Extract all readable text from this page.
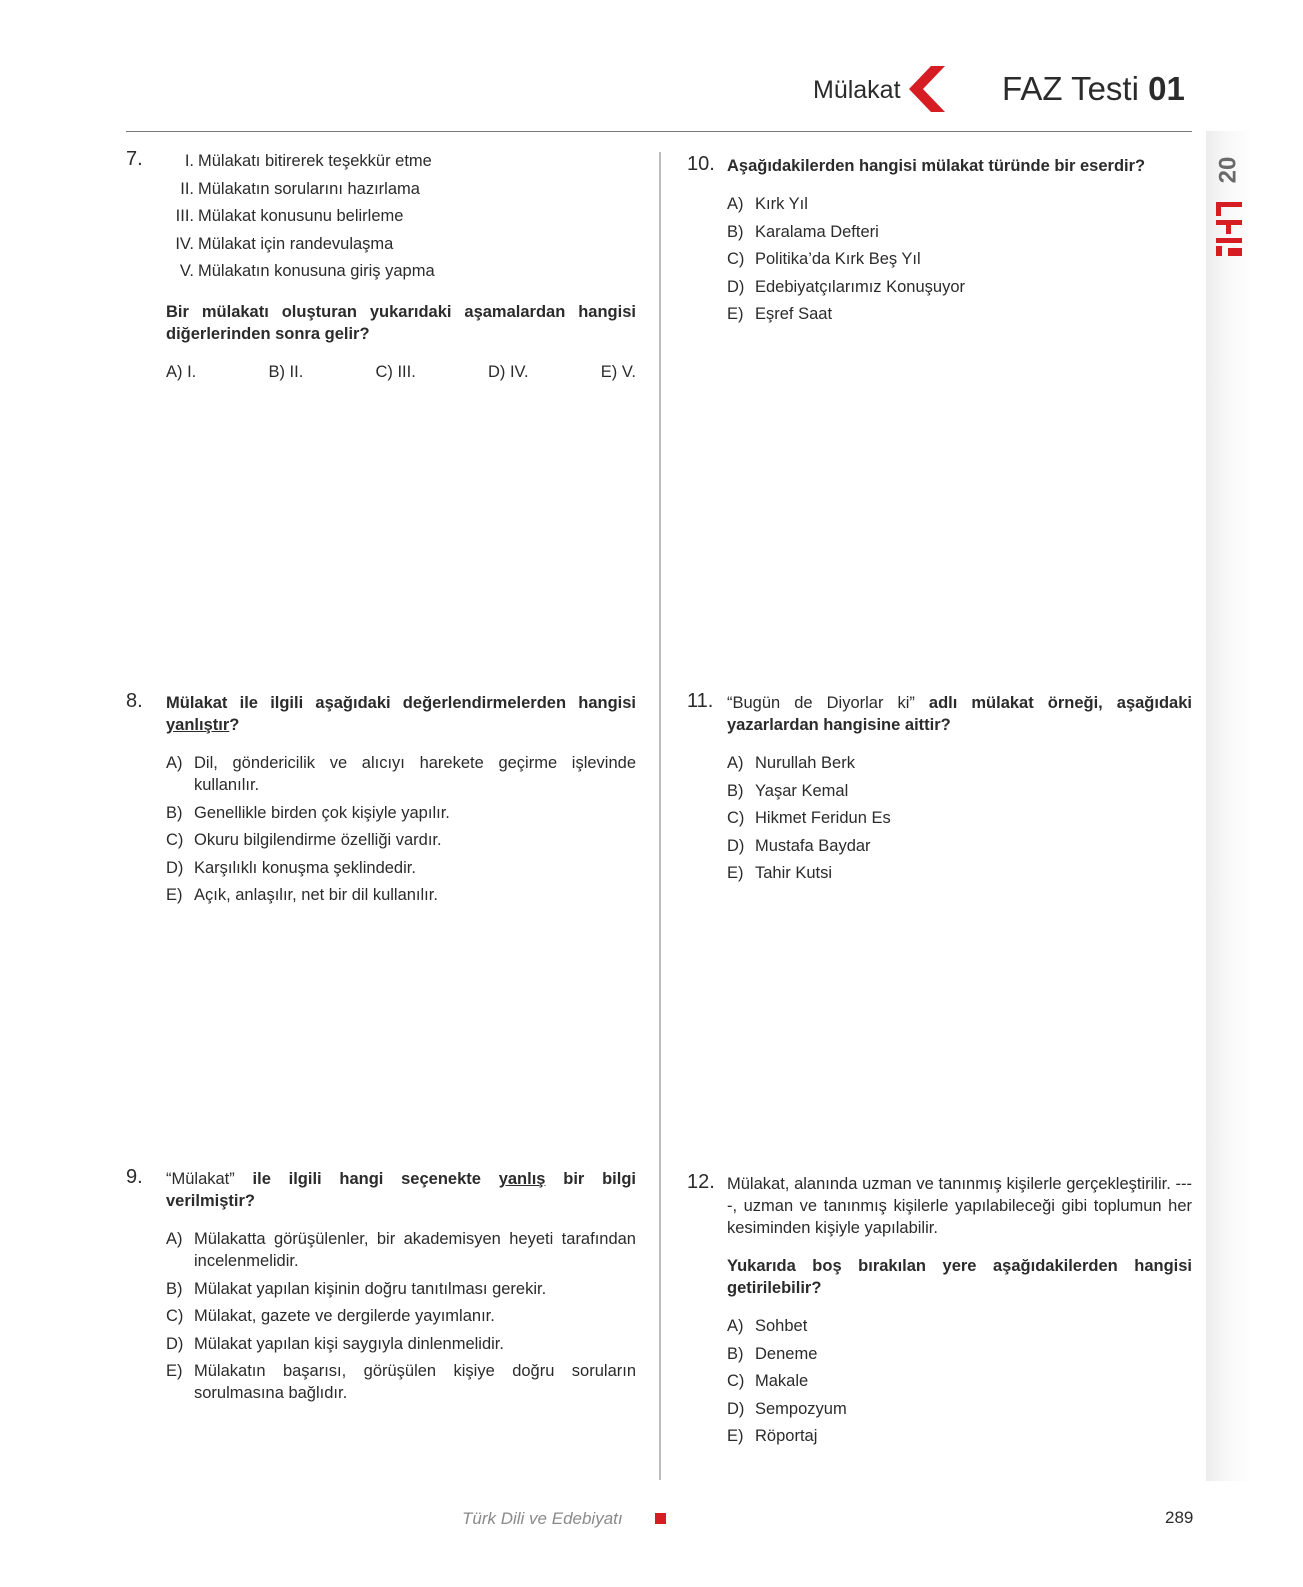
Mülakat	FAZ Testi 01
20
7.	I. Mülakatı bitirerek teşekkür etme
II. Mülakatın sorularını hazırlama
III. Mülakat konusunu belirleme
IV. Mülakat için randevulaşma
V. Mülakatın konusuna giriş yapma

Bir mülakatı oluşturan yukarıdaki aşamalardan hangisi diğerlerinden sonra gelir?

A) I.	B) II.	C) III.	D) IV.	E) V.
8. Mülakat ile ilgili aşağıdaki değerlendirmelerden hangisi yanlıştır?

A) Dil, göndericilik ve alıcıyı harekete geçirme işlevinde kullanılır.
B) Genellikle birden çok kişiyle yapılır.
C) Okuru bilgilendirme özelliği vardır.
D) Karşılıklı konuşma şeklindedir.
E) Açık, anlaşılır, net bir dil kullanılır.
9. “Mülakat” ile ilgili hangi seçenekte yanlış bir bilgi verilmiştir?

A) Mülakatta görüşülenler, bir akademisyen heyeti tarafından incelenmelidir.
B) Mülakat yapılan kişinin doğru tanıtılması gerekir.
C) Mülakat, gazete ve dergilerde yayımlanır.
D) Mülakat yapılan kişi saygıyla dinlenmelidir.
E) Mülakatın başarısı, görüşülen kişiye doğru soruların sorulmasına bağlıdır.
10. Aşağıdakilerden hangisi mülakat türünde bir eserdir?

A) Kırk Yıl
B) Karalama Defteri
C) Politika’da Kırk Beş Yıl
D) Edebiyatçılarımız Konuşuyor
E) Eşref Saat
11. “Bugün de Diyorlar ki” adlı mülakat örneği, aşağıdaki yazarlardan hangisine aittir?

A) Nurullah Berk
B) Yaşar Kemal
C) Hikmet Feridun Es
D) Mustafa Baydar
E) Tahir Kutsi
12. Mülakat, alanında uzman ve tanınmış kişilerle gerçekleştirilir. ----, uzman ve tanınmış kişilerle yapılabileceği gibi toplumun her kesiminden kişiyle yapılabilir.

Yukarıda boş bırakılan yere aşağıdakilerden hangisi getirilebilir?

A) Sohbet
B) Deneme
C) Makale
D) Sempozyum
E) Röportaj
Türk Dili ve Edebiyatı	289
